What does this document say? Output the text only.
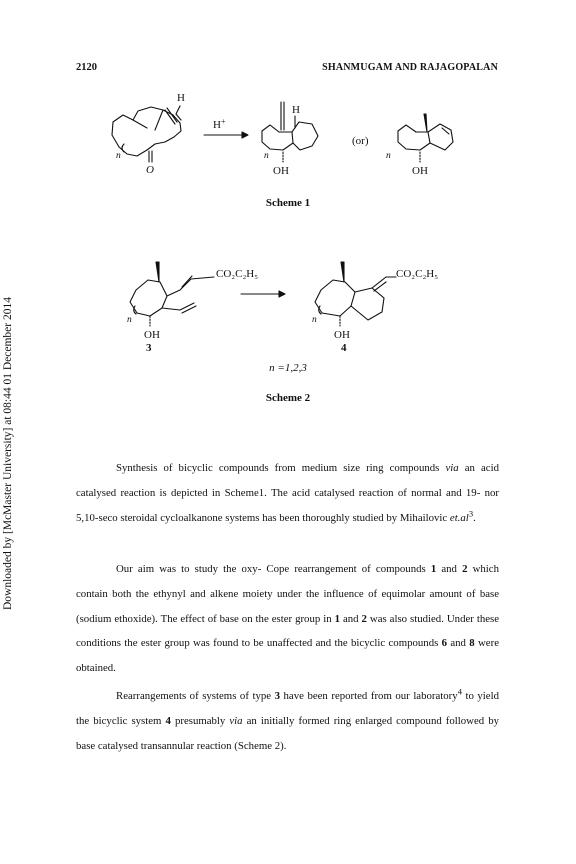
2120	SHANMUGAM AND RAJAGOPALAN
Downloaded by [McMaster University] at 08:44 01 December 2014
H
O
n
H+
H
OH
n
(or)
OH
n
Scheme 1
CO₂C₂H₅
OH
n
3
CO₂C₂H₅
OH
n
4
n =1,2,3
Scheme 2
Synthesis of bicyclic compounds from medium size ring compounds via an acid catalysed reaction is depicted in Scheme1. The acid catalysed reaction of normal and 19- nor 5,10-seco steroidal cycloalkanone systems has been thoroughly studied by Mihailovic $et.al^3$.
Our aim was to study the oxy- Cope rearrangement of compounds 1 and 2 which contain both the ethynyl and alkene moiety under the influence of equimolar amount of base (sodium ethoxide). The effect of base on the ester group in 1 and 2 was also studied. Under these conditions the ester group was found to be unaffected and the bicyclic compounds 6 and 8 were obtained.
Rearrangements of systems of type 3 have been reported from our laboratory$^4$ to yield the bicyclic system 4 presumably via an initially formed ring enlarged compound followed by base catalysed transannular reaction (Scheme 2).
